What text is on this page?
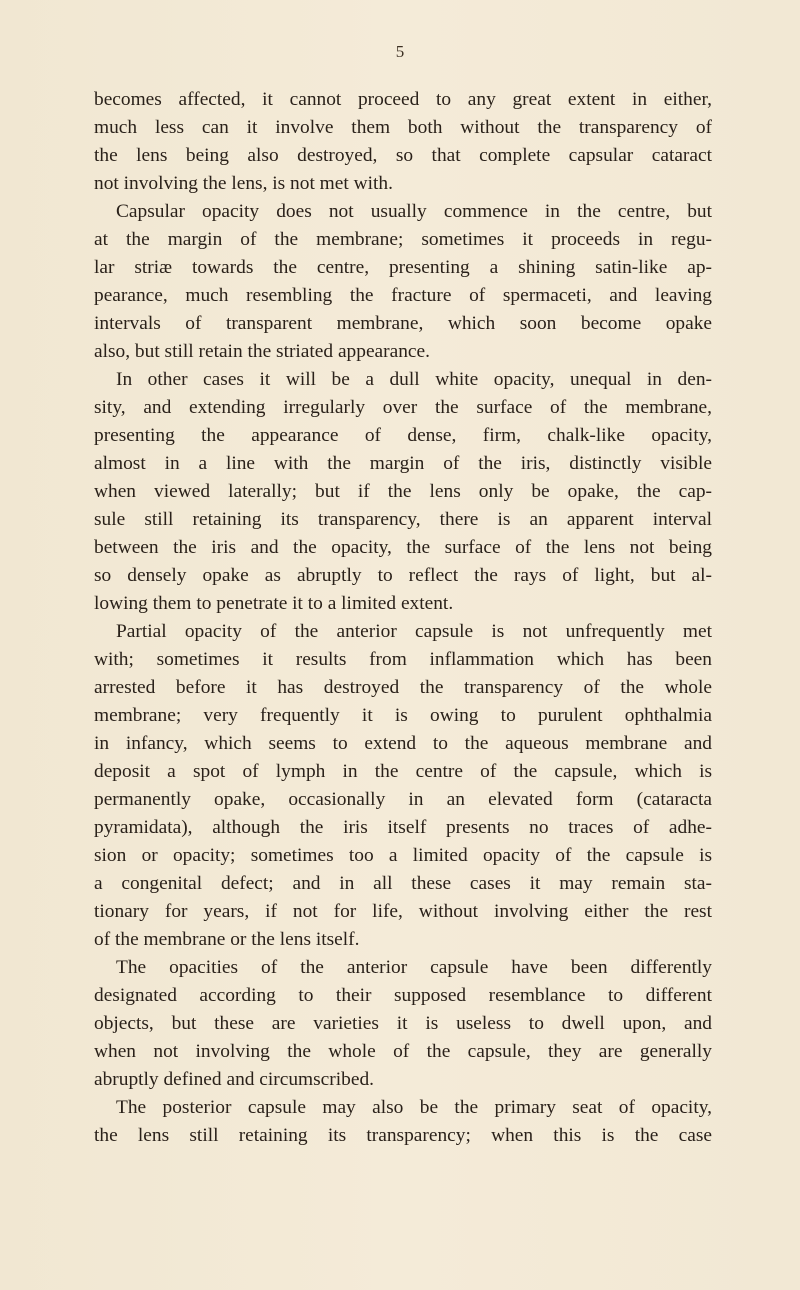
5
becomes affected, it cannot proceed to any great extent in either,
much less can it involve them both without the transparency of
the lens being also destroyed, so that complete capsular cataract
not involving the lens, is not met with.
Capsular opacity does not usually commence in the centre, but
at the margin of the membrane; sometimes it proceeds in regu-
lar striæ towards the centre, presenting a shining satin-like ap-
pearance, much resembling the fracture of spermaceti, and leaving
intervals of transparent membrane, which soon become opake
also, but still retain the striated appearance.
In other cases it will be a dull white opacity, unequal in den-
sity, and extending irregularly over the surface of the membrane,
presenting the appearance of dense, firm, chalk-like opacity,
almost in a line with the margin of the iris, distinctly visible
when viewed laterally; but if the lens only be opake, the cap-
sule still retaining its transparency, there is an apparent interval
between the iris and the opacity, the surface of the lens not being
so densely opake as abruptly to reflect the rays of light, but al-
lowing them to penetrate it to a limited extent.
Partial opacity of the anterior capsule is not unfrequently met
with; sometimes it results from inflammation which has been
arrested before it has destroyed the transparency of the whole
membrane; very frequently it is owing to purulent ophthalmia
in infancy, which seems to extend to the aqueous membrane and
deposit a spot of lymph in the centre of the capsule, which is
permanently opake, occasionally in an elevated form (cataracta
pyramidata), although the iris itself presents no traces of adhe-
sion or opacity; sometimes too a limited opacity of the capsule is
a congenital defect; and in all these cases it may remain sta-
tionary for years, if not for life, without involving either the rest
of the membrane or the lens itself.
The opacities of the anterior capsule have been differently
designated according to their supposed resemblance to different
objects, but these are varieties it is useless to dwell upon, and
when not involving the whole of the capsule, they are generally
abruptly defined and circumscribed.
The posterior capsule may also be the primary seat of opacity,
the lens still retaining its transparency; when this is the case
